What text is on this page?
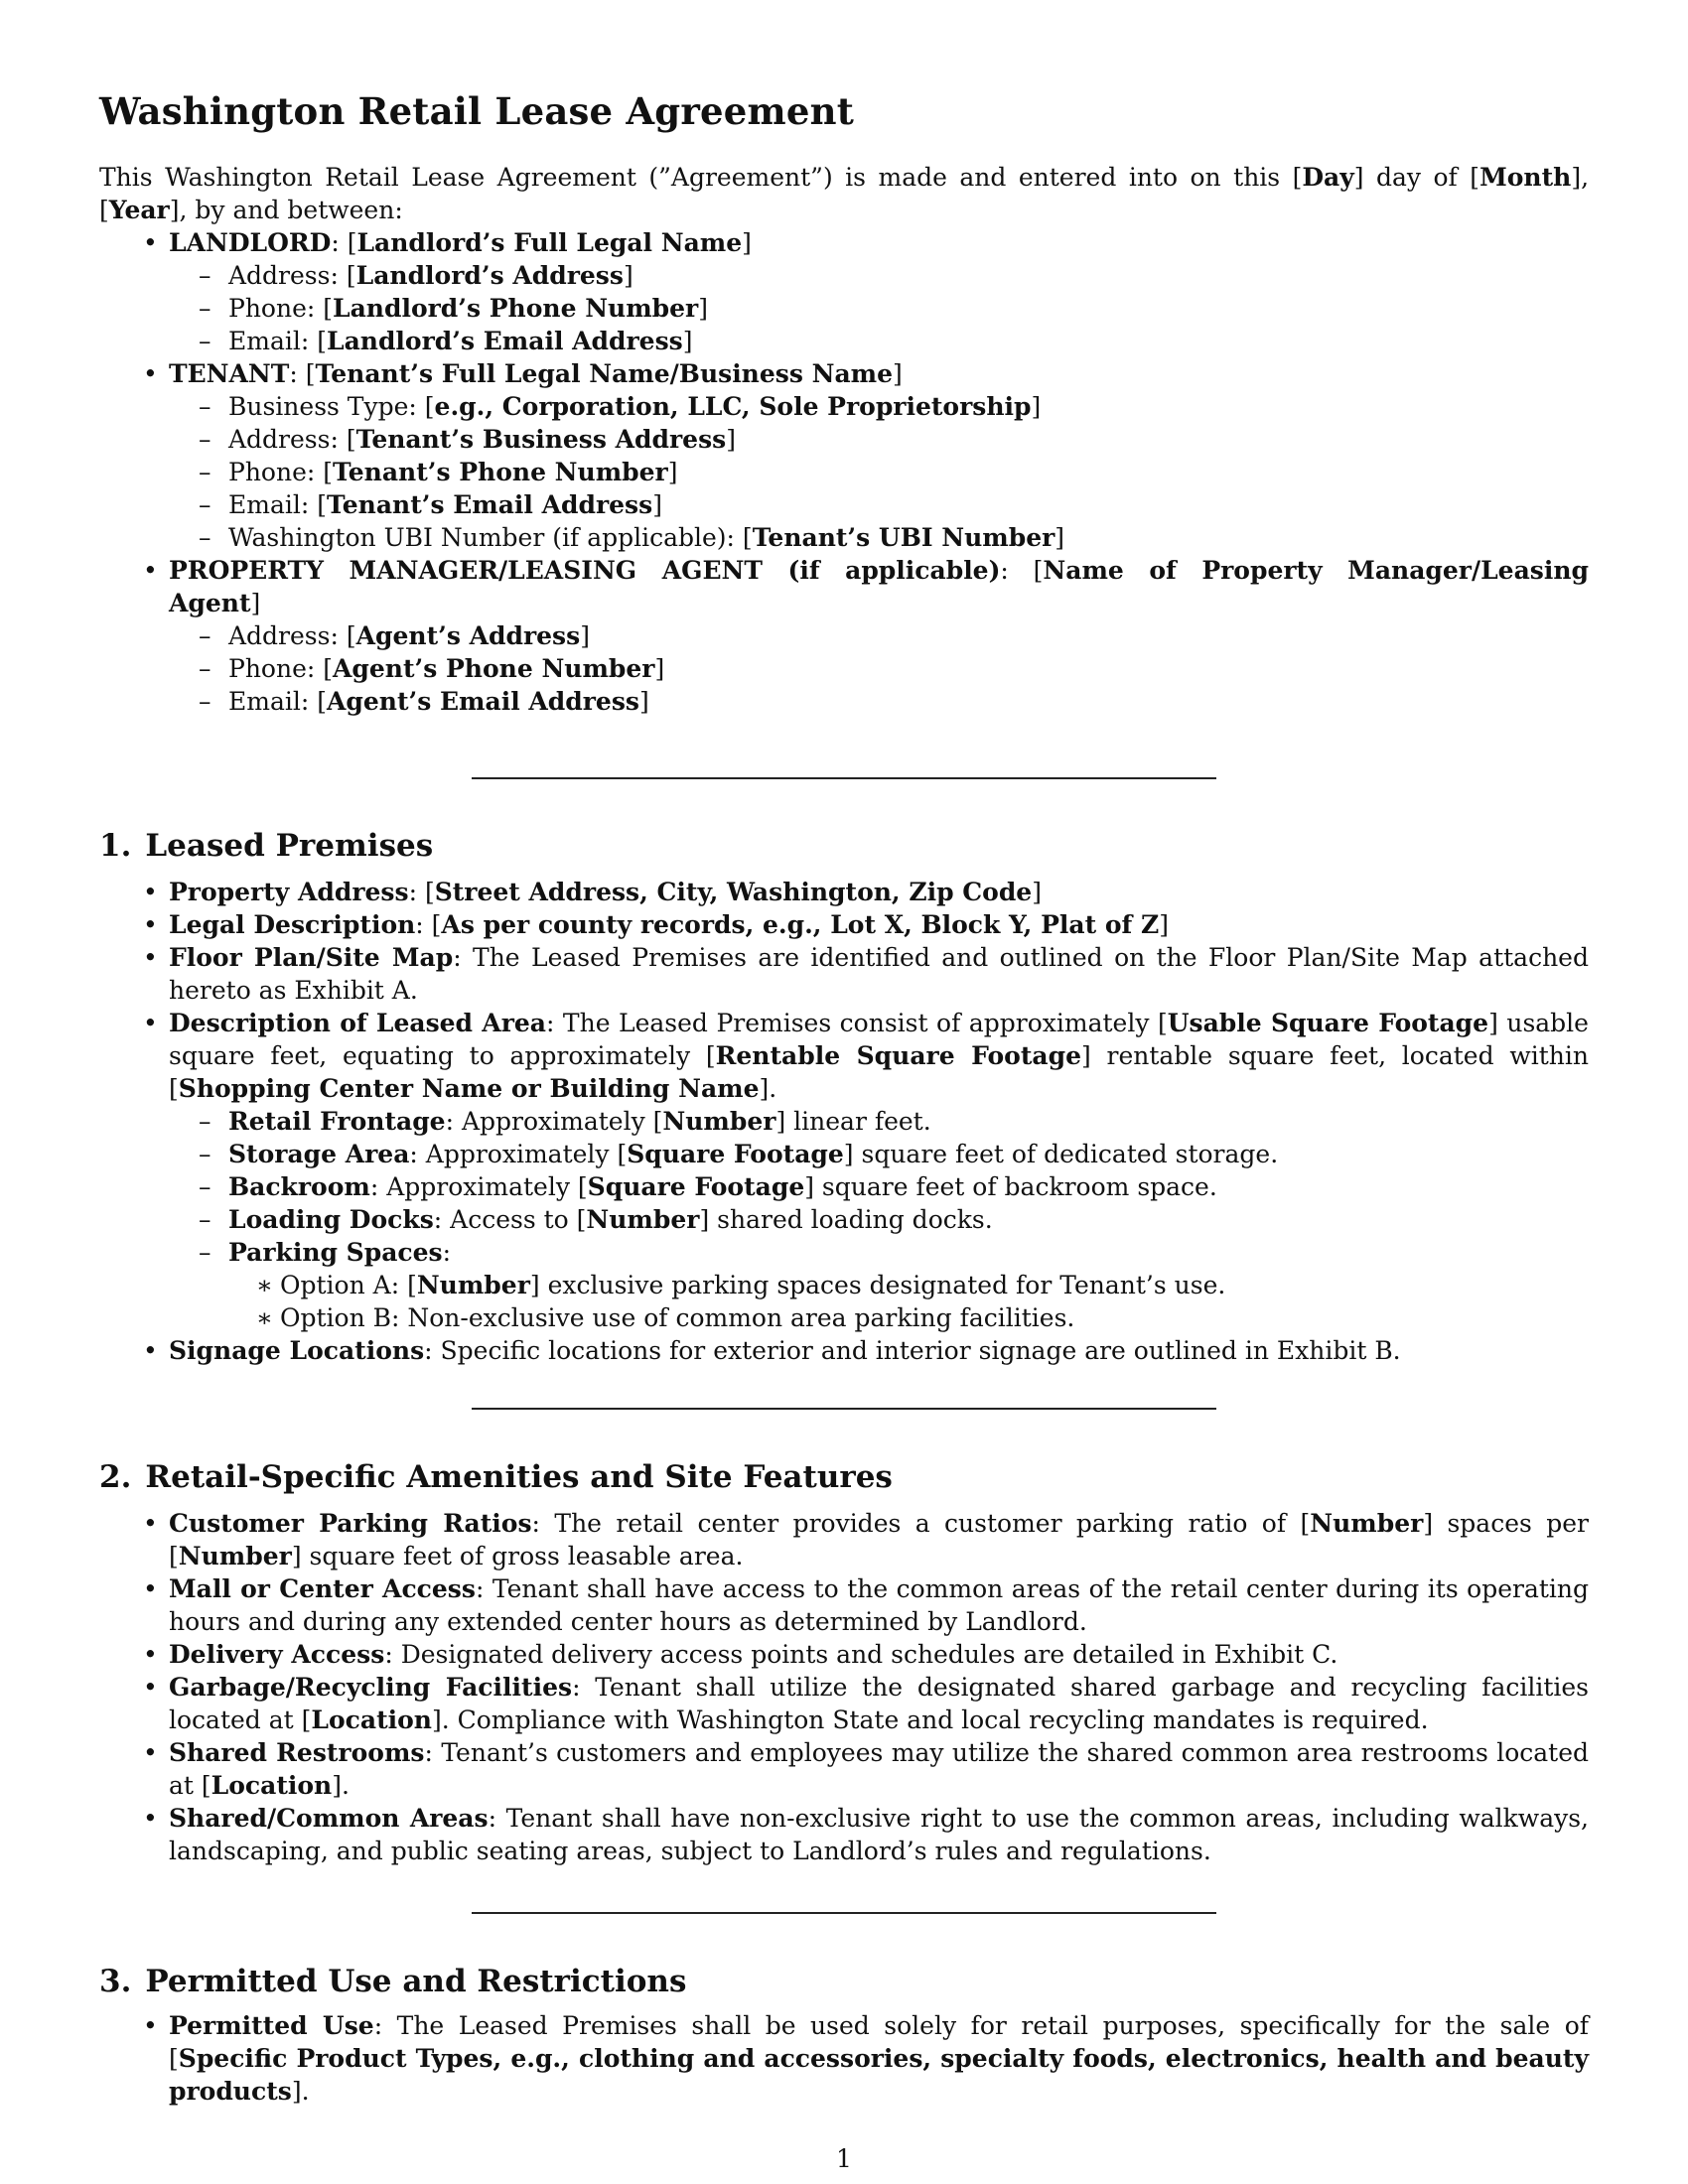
Washington Retail Lease Agreement

This Washington Retail Lease Agreement (”Agreement”) is made and entered into on this [Day] day of [Month], [Year], by and between:

• LANDLORD: [Landlord’s Full Legal Name]
– Address: [Landlord’s Address]
– Phone: [Landlord’s Phone Number]
– Email: [Landlord’s Email Address]
• TENANT: [Tenant’s Full Legal Name/Business Name]
– Business Type: [e.g., Corporation, LLC, Sole Proprietorship]
– Address: [Tenant’s Business Address]
– Phone: [Tenant’s Phone Number]
– Email: [Tenant’s Email Address]
– Washington UBI Number (if applicable): [Tenant’s UBI Number]
• PROPERTY MANAGER/LEASING AGENT (if applicable): [Name of Property Manager/Leasing Agent]
– Address: [Agent’s Address]
– Phone: [Agent’s Phone Number]
– Email: [Agent’s Email Address]
1. Leased Premises
• Property Address: [Street Address, City, Washington, Zip Code]
• Legal Description: [As per county records, e.g., Lot X, Block Y, Plat of Z]
• Floor Plan/Site Map: The Leased Premises are identified and outlined on the Floor Plan/Site Map attached hereto as Exhibit A.
• Description of Leased Area: The Leased Premises consist of approximately [Usable Square Footage] usable square feet, equating to approximately [Rentable Square Footage] rentable square feet, located within [Shopping Center Name or Building Name].
– Retail Frontage: Approximately [Number] linear feet.
– Storage Area: Approximately [Square Footage] square feet of dedicated storage.
– Backroom: Approximately [Square Footage] square feet of backroom space.
– Loading Docks: Access to [Number] shared loading docks.
– Parking Spaces:
∗ Option A: [Number] exclusive parking spaces designated for Tenant’s use.
∗ Option B: Non-exclusive use of common area parking facilities.
• Signage Locations: Specific locations for exterior and interior signage are outlined in Exhibit B.
2. Retail-Specific Amenities and Site Features
• Customer Parking Ratios: The retail center provides a customer parking ratio of [Number] spaces per [Number] square feet of gross leasable area.
• Mall or Center Access: Tenant shall have access to the common areas of the retail center during its operating hours and during any extended center hours as determined by Landlord.
• Delivery Access: Designated delivery access points and schedules are detailed in Exhibit C.
• Garbage/Recycling Facilities: Tenant shall utilize the designated shared garbage and recycling facilities located at [Location]. Compliance with Washington State and local recycling mandates is required.
• Shared Restrooms: Tenant’s customers and employees may utilize the shared common area restrooms located at [Location].
• Shared/Common Areas: Tenant shall have non-exclusive right to use the common areas, including walkways, landscaping, and public seating areas, subject to Landlord’s rules and regulations.
3. Permitted Use and Restrictions
• Permitted Use: The Leased Premises shall be used solely for retail purposes, specifically for the sale of [Specific Product Types, e.g., clothing and accessories, specialty foods, electronics, health and beauty products].
1
